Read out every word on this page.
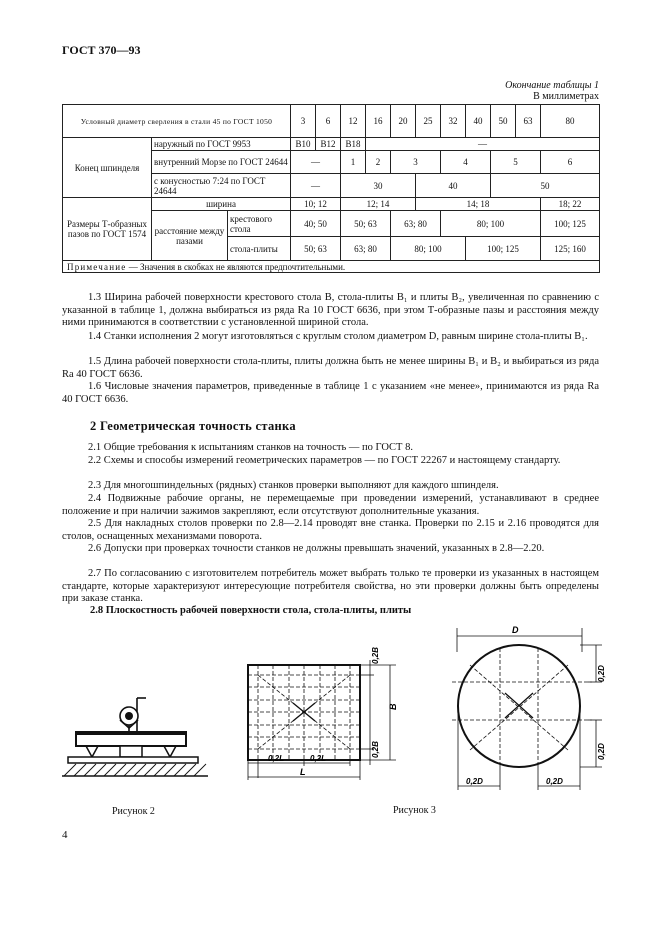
ГОСТ 370—93
Окончание таблицы 1
В миллиметрах
Условный диаметр сверления в стали 45 по ГОСТ 1050			3	6	12	16	20	25	32	40	50	63	80
Конец шпинделя	наружный по ГОСТ 9953		В10	В12	В18	—							
	внутренний Морзе по ГОСТ 24644		—		1	2	3		4		5		6
	с конусностью 7:24 по ГОСТ 24644		—		30			40			50		
Размеры Т-образных пазов по ГОСТ 1574	ширина		10; 12		12; 14			14; 18					18; 22
	расстояние между пазами	крестового стола	40; 50		50; 63		63; 80		80; 100				100; 125
		стола-плиты	50; 63		63; 80		80; 100			100; 125			125; 160
Примечание — Значения в скобках не являются предпочтительными.													
1.3 Ширина рабочей поверхности крестового стола B, стола-плиты B₁ и плиты B₂, увеличенная по сравнению с указанной в таблице 1, должна выбираться из ряда Ra 10 ГОСТ 6636, при этом Т-образные пазы и расстояния между ними принимаются в соответствии с установленной шириной стола.
1.4 Станки исполнения 2 могут изготовляться с круглым столом диаметром D, равным ширине стола-плиты B₁.
1.5 Длина рабочей поверхности стола-плиты, плиты должна быть не менее ширины B₁ и B₂ и выбираться из ряда Ra 40 ГОСТ 6636.
1.6 Числовые значения параметров, приведенные в таблице 1 с указанием «не менее», принимаются из ряда Ra 40 ГОСТ 6636.
2 Геометрическая точность станка
2.1 Общие требования к испытаниям станков на точность — по ГОСТ 8.
2.2 Схемы и способы измерений геометрических параметров — по ГОСТ 22267 и настоящему стандарту.
2.3 Для многошпиндельных (рядных) станков проверки выполняют для каждого шпинделя.
2.4 Подвижные рабочие органы, не перемещаемые при проведении измерений, устанавливают в среднее положение и при наличии зажимов закрепляют, если отсутствуют дополнительные указания.
2.5 Для накладных столов проверки по 2.8—2.14 проводят вне станка. Проверки по 2.15 и 2.16 проводятся для столов, оснащенных механизмами поворота.
2.6 Допуски при проверках точности станков не должны превышать значений, указанных в 2.8—2.20.
2.7 По согласованию с изготовителем потребитель может выбрать только те проверки из указанных в настоящем стандарте, которые характеризуют интересующие потребителя свойства, но эти проверки должны быть определены при заказе станка.
2.8 Плоскостность рабочей поверхности стола, стола-плиты, плиты
0,2B
B
0,2B
0,2L	0,2L
L
D
0,2D
0,2D
0,2D	0,2D
Рисунок 2	Рисунок 3
4
